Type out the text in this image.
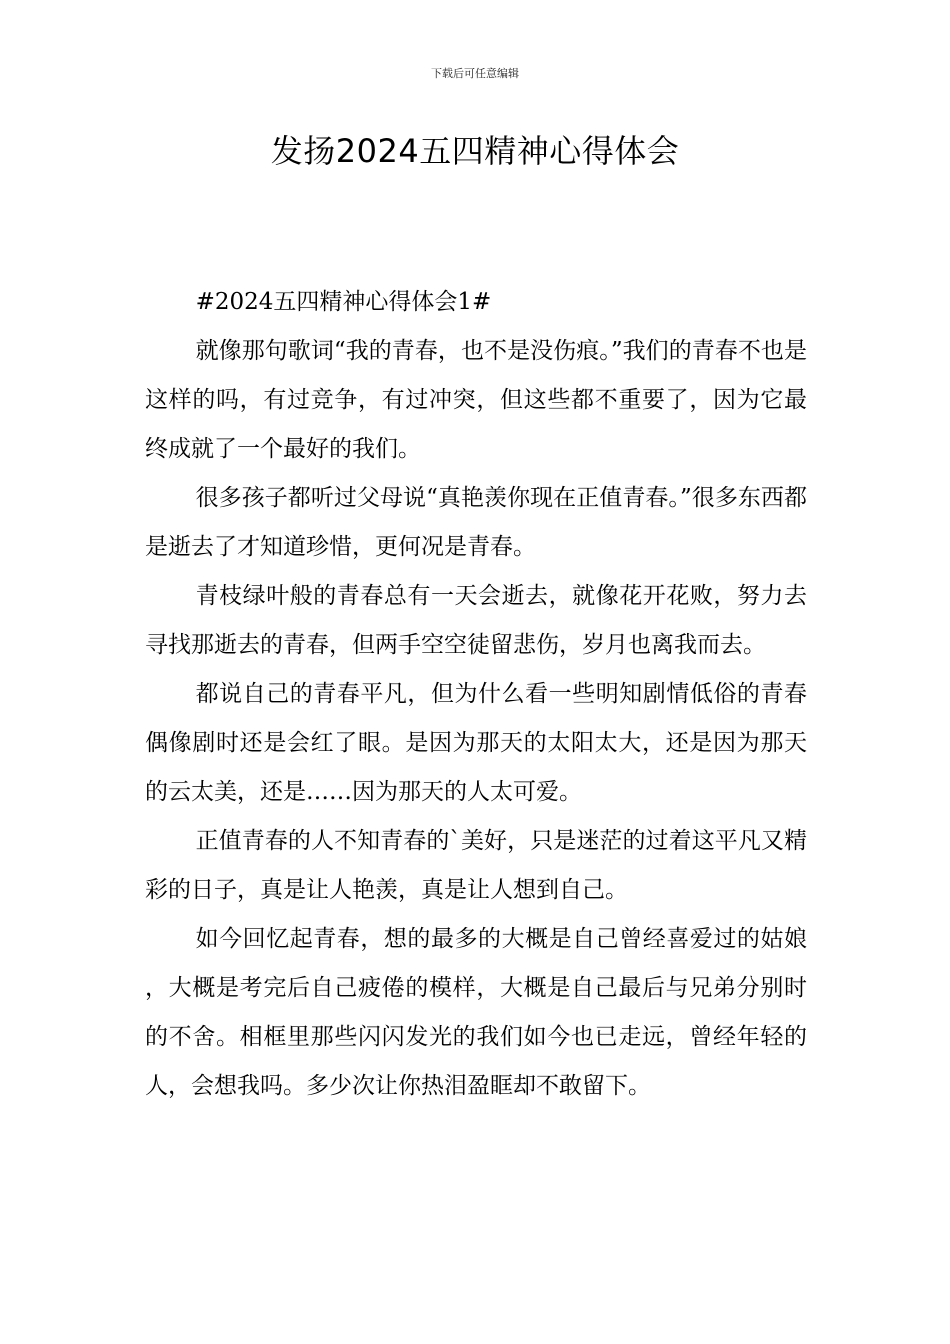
下载后可任意编辑
发扬2024五四精神心得体会

#2024五四精神心得体会1#

就像那句歌词“我的青春，也不是没伤痕。”我们的青春不也是这样的吗，有过竞争，有过冲突，但这些都不重要了，因为它最终成就了一个最好的我们。

很多孩子都听过父母说“真艳羡你现在正值青春。”很多东西都是逝去了才知道珍惜，更何况是青春。

青枝绿叶般的青春总有一天会逝去，就像花开花败，努力去寻找那逝去的青春，但两手空空徒留悲伤，岁月也离我而去。

都说自己的青春平凡，但为什么看一些明知剧情低俗的青春偶像剧时还是会红了眼。是因为那天的太阳太大，还是因为那天的云太美，还是……因为那天的人太可爱。

正值青春的人不知青春的`美好，只是迷茫的过着这平凡又精彩的日子，真是让人艳羡，真是让人想到自己。

如今回忆起青春，想的最多的大概是自己曾经喜爱过的姑娘，大概是考完后自己疲倦的模样，大概是自己最后与兄弟分别时的不舍。相框里那些闪闪发光的我们如今也已走远，曾经年轻的人，会想我吗。多少次让你热泪盈眶却不敢留下。
